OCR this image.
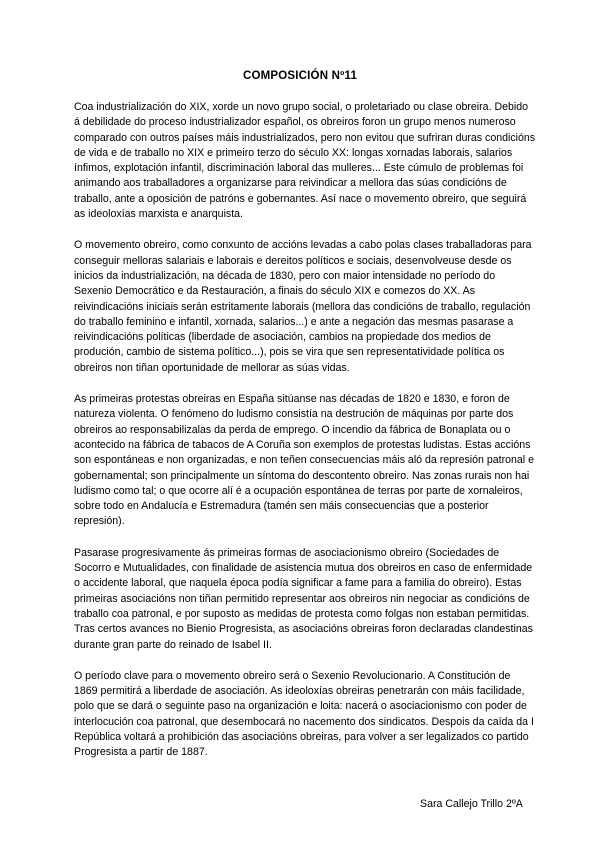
COMPOSICIÓN Nº11

Coa industrialización do XIX, xorde un novo grupo social, o proletariado ou clase obreira. Debido á debilidade do proceso industrializador español, os obreiros foron un grupo menos numeroso comparado con outros países máis industrializados, pero non evitou que sufriran duras condicións de vida e de traballo no XIX e primeiro terzo do século XX: longas xornadas laborais, salarios ínfimos, explotación infantil, discriminación laboral das mulleres... Este cúmulo de problemas foi animando aos traballadores a organizarse para reivindicar a mellora das súas condicións de traballo, ante a oposición de patróns e gobernantes. Así nace o movemento obreiro, que seguirá as ideoloxías marxista e anarquista.

O movemento obreiro, como conxunto de accións levadas a cabo polas clases traballadoras para conseguir melloras salariais e laborais e dereitos políticos e sociais, desenvolveuse desde os inicios da industrialización, na década de 1830, pero con maior intensidade no período do Sexenio Democrático e da Restauración, a finais do século XIX e comezos do XX. As reivindicacións iniciais serán estritamente laborais (mellora das condicións de traballo, regulación do traballo feminino e infantil, xornada, salarios...) e ante a negación das mesmas pasarase a reivindicacións políticas (liberdade de asociación, cambios na propiedade dos medios de produción, cambio de sistema político...), pois se vira que sen representatividade política os obreiros non tiñan oportunidade de mellorar as súas vidas.

As primeiras protestas obreiras en España sitúanse nas décadas de 1820 e 1830, e foron de natureza violenta. O fenómeno do ludismo consistía na destrución de máquinas por parte dos obreiros ao responsabilizalas da perda de emprego. O incendio da fábrica de Bonaplata ou o acontecido na fábrica de tabacos de A Coruña son exemplos de protestas ludistas. Estas accións son espontáneas e non organizadas, e non teñen consecuencias máis aló da represión patronal e gobernamental; son principalmente un síntoma do descontento obreiro. Nas zonas rurais non hai ludismo como tal; o que ocorre alí é a ocupación espontánea de terras por parte de xornaleiros, sobre todo en Andalucía e Estremadura (tamén sen máis consecuencias que a posterior represión).

Pasarase progresivamente ás primeiras formas de asociacionismo obreiro (Sociedades de Socorro e Mutualidades, con finalidade de asistencia mutua dos obreiros en caso de enfermidade o accidente laboral, que naquela época podía significar a fame para a familia do obreiro). Estas primeiras asociacións non tiñan permitido representar aos obreiros nin negociar as condicións de traballo coa patronal, e por suposto as medidas de protesta como folgas non estaban permitidas. Tras certos avances no Bienio Progresista, as asociacións obreiras foron declaradas clandestinas durante gran parte do reinado de Isabel II.

O período clave para o movemento obreiro será o Sexenio Revolucionario. A Constitución de 1869 permitirá a liberdade de asociación. As ideoloxías obreiras penetrarán con máis facilidade, polo que se dará o seguinte paso na organización e loita: nacerá o asociacionismo con poder de interlocución coa patronal, que desembocará no nacemento dos sindicatos. Despois da caída da I República voltará a prohibición das asociacións obreiras, para volver a ser legalizados co partido Progresista a partir de 1887.

Sara Callejo Trillo 2ºA
